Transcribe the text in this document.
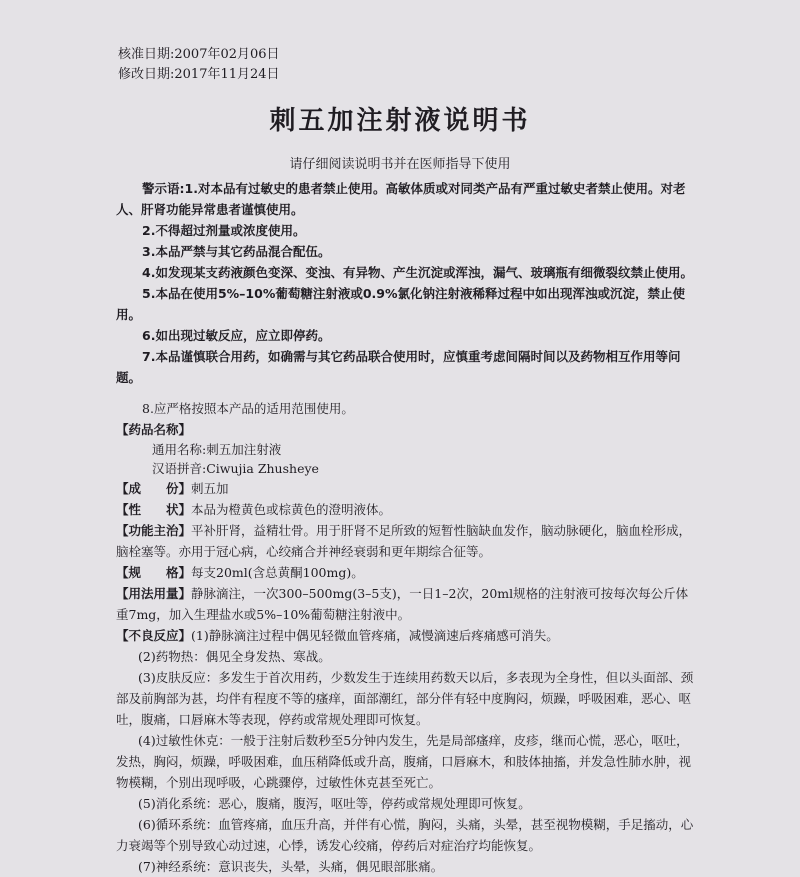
核准日期:2007年02月06日
修改日期:2017年11月24日
刺五加注射液说明书
请仔细阅读说明书并在医师指导下使用

警示语:1.对本品有过敏史的患者禁止使用。高敏体质或对同类产品有严重过敏史者禁止使用。对老人、肝肾功能异常患者谨慎使用。

2.不得超过剂量或浓度使用。

3.本品严禁与其它药品混合配伍。

4.如发现某支药液颜色变深、变浊、有异物、产生沉淀或浑浊，漏气、玻璃瓶有细微裂纹禁止使用。

5.本品在使用5%–10%葡萄糖注射液或0.9%氯化钠注射液稀释过程中如出现浑浊或沉淀，禁止使用。

6.如出现过敏反应，应立即停药。

7.本品谨慎联合用药，如确需与其它药品联合使用时，应慎重考虑间隔时间以及药物相互作用等问题。

8.应严格按照本产品的适用范围使用。

【药品名称】

通用名称:刺五加注射液

汉语拼音:Ciwujia Zhusheye

【成　　份】刺五加

【性　　状】本品为橙黄色或棕黄色的澄明液体。

【功能主治】平补肝肾，益精壮骨。用于肝肾不足所致的短暂性脑缺血发作，脑动脉硬化，脑血栓形成，脑栓塞等。亦用于冠心病，心绞痛合并神经衰弱和更年期综合征等。

【规　　格】每支20ml(含总黄酮100mg)。

【用法用量】静脉滴注，一次300–500mg(3–5支)，一日1–2次，20ml规格的注射液可按每次每公斤体重7mg，加入生理盐水或5%–10%葡萄糖注射液中。

【不良反应】(1)静脉滴注过程中偶见轻微血管疼痛，减慢滴速后疼痛感可消失。

(2)药物热：偶见全身发热、寒战。

(3)皮肤反应：多发生于首次用药，少数发生于连续用药数天以后，多表现为全身性，但以头面部、颈部及前胸部为甚，均伴有程度不等的瘙痒，面部潮红，部分伴有轻中度胸闷，烦躁，呼吸困难，恶心、呕吐，腹痛，口唇麻木等表现，停药或常规处理即可恢复。

(4)过敏性休克：一般于注射后数秒至5分钟内发生，先是局部瘙痒，皮疹，继而心慌，恶心，呕吐，发热，胸闷，烦躁，呼吸困难，血压稍降低或升高，腹痛，口唇麻木，和肢体抽搐，并发急性肺水肿，视物模糊，个别出现呼吸，心跳骤停，过敏性休克甚至死亡。

(5)消化系统：恶心，腹痛，腹泻，呕吐等，停药或常规处理即可恢复。

(6)循环系统：血管疼痛，血压升高，并伴有心慌，胸闷，头痛，头晕，甚至视物模糊，手足搐动，心力衰竭等个别导致心动过速，心悸，诱发心绞痛，停药后对症治疗均能恢复。

(7)神经系统：意识丧失，头晕，头痛，偶见眼部胀痛。
